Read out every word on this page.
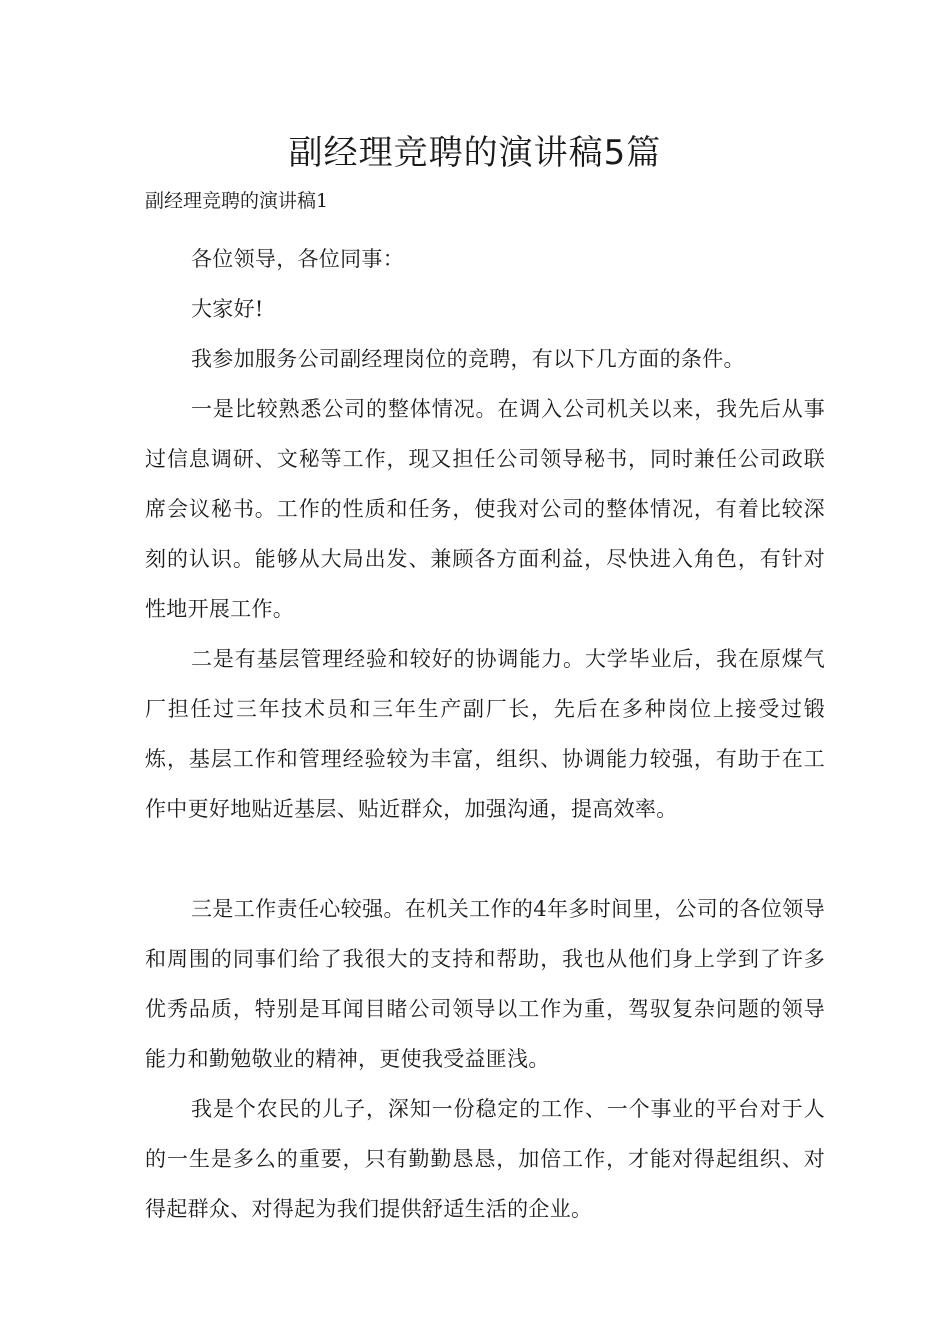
副经理竞聘的演讲稿5篇

副经理竞聘的演讲稿1

各位领导，各位同事：

大家好!

我参加服务公司副经理岗位的竞聘，有以下几方面的条件。

一是比较熟悉公司的整体情况。在调入公司机关以来，我先后从事过信息调研、文秘等工作，现又担任公司领导秘书，同时兼任公司政联席会议秘书。工作的性质和任务，使我对公司的整体情况，有着比较深刻的认识。能够从大局出发、兼顾各方面利益，尽快进入角色，有针对性地开展工作。

二是有基层管理经验和较好的协调能力。大学毕业后，我在原煤气厂担任过三年技术员和三年生产副厂长，先后在多种岗位上接受过锻炼，基层工作和管理经验较为丰富，组织、协调能力较强，有助于在工作中更好地贴近基层、贴近群众，加强沟通，提高效率。

三是工作责任心较强。在机关工作的4年多时间里，公司的各位领导和周围的同事们给了我很大的支持和帮助，我也从他们身上学到了许多优秀品质，特别是耳闻目睹公司领导以工作为重，驾驭复杂问题的领导能力和勤勉敬业的精神，更使我受益匪浅。

我是个农民的儿子，深知一份稳定的工作、一个事业的平台对于人的一生是多么的重要，只有勤勤恳恳，加倍工作，才能对得起组织、对得起群众、对得起为我们提供舒适生活的企业。
